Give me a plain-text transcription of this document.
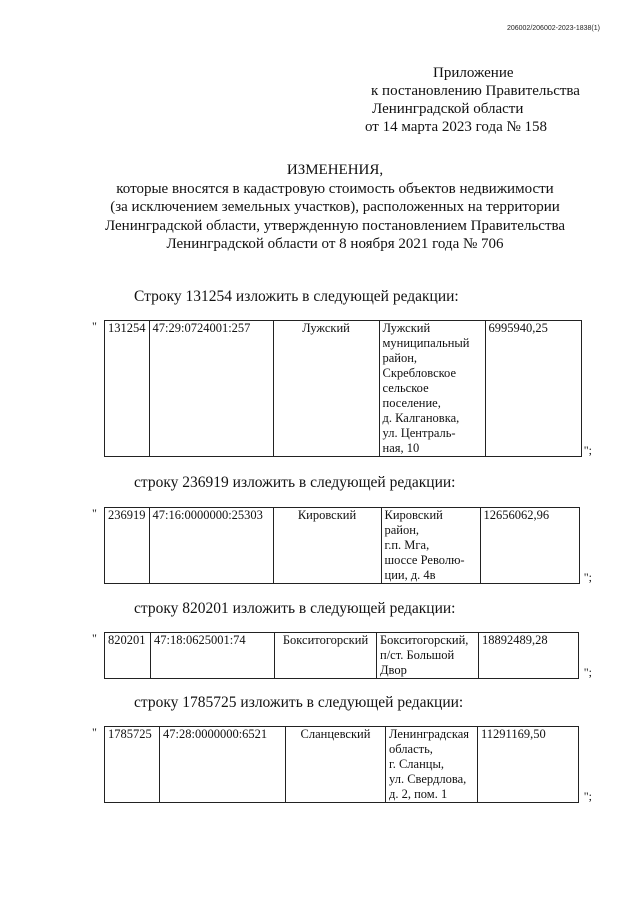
206002/206002-2023-1838(1)
Приложение
к постановлению Правительства
Ленинградской области
от 14 марта 2023 года № 158
ИЗМЕНЕНИЯ,
которые вносятся в кадастровую стоимость объектов недвижимости
(за исключением земельных участков), расположенных на территории
Ленинградской области, утвержденную постановлением Правительства
Ленинградской области от 8 ноября 2021 года № 706
Строку 131254 изложить в следующей редакции:
" 131254	47:29:0724001:257	Лужский	Лужский
муниципальный
район,
Скребловское
сельское
поселение,
д. Калгановка,
ул. Централь-
ная, 10	6995940,25
";
строку 236919 изложить в следующей редакции:
" 236919	47:16:0000000:25303	Кировский	Кировский
район,
г.п. Мга,
шоссе Револю-
ции, д. 4в	12656062,96
";
строку 820201 изложить в следующей редакции:
" 820201	47:18:0625001:74	Бокситогорский	Бокситогорский,
п/ст. Большой
Двор	18892489,28
";
строку 1785725 изложить в следующей редакции:
" 1785725	47:28:0000000:6521	Сланцевский	Ленинградская
область,
г. Сланцы,
ул. Свердлова,
д. 2, пом. 1	11291169,50
";
